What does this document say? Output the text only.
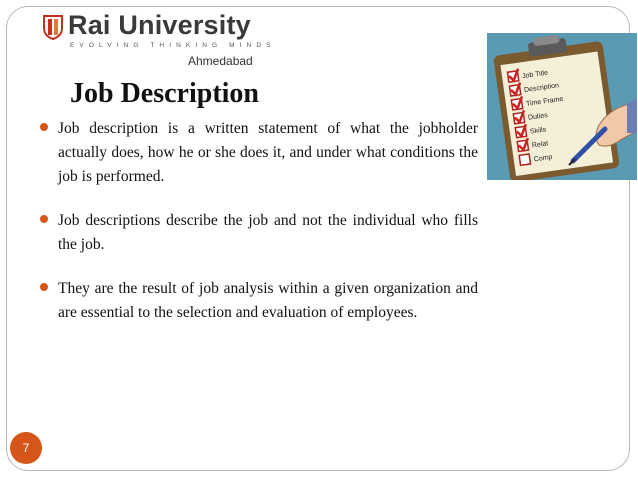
Rai University
EVOLVING THINKING MINDS
Ahmedabad
Job Title
Description
Time Frame
Duties
Skills
Relat
Comp
Job Description
Job description is a written statement of what the jobholder actually does, how he or she does it, and under what conditions the job is performed.
Job descriptions describe the job and not the individual who fills the job.
They are the result of job analysis within a given organization and are essential to the selection and evaluation of employees.
7
